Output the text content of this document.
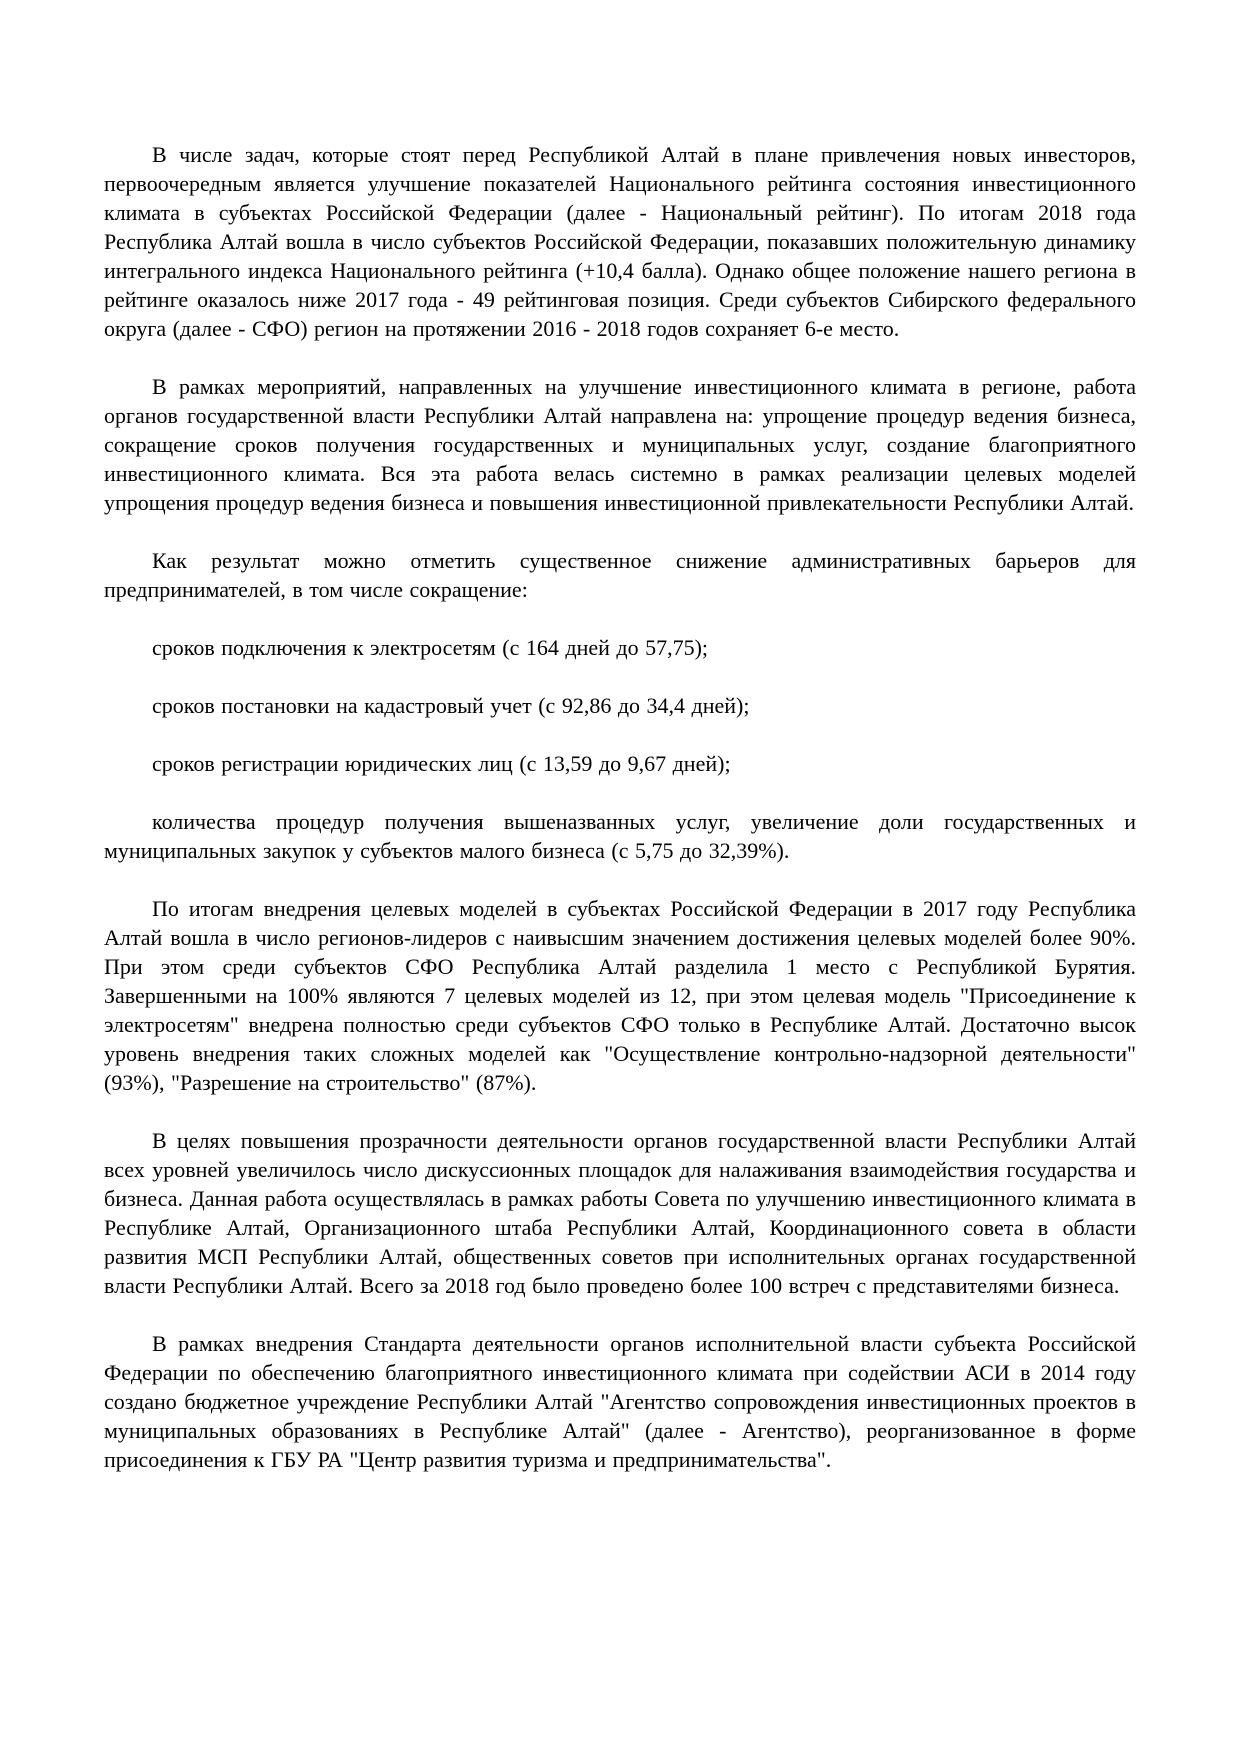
В числе задач, которые стоят перед Республикой Алтай в плане привлечения новых инвесторов, первоочередным является улучшение показателей Национального рейтинга состояния инвестиционного климата в субъектах Российской Федерации (далее - Национальный рейтинг). По итогам 2018 года Республика Алтай вошла в число субъектов Российской Федерации, показавших положительную динамику интегрального индекса Национального рейтинга (+10,4 балла). Однако общее положение нашего региона в рейтинге оказалось ниже 2017 года - 49 рейтинговая позиция. Среди субъектов Сибирского федерального округа (далее - СФО) регион на протяжении 2016 - 2018 годов сохраняет 6-е место.

В рамках мероприятий, направленных на улучшение инвестиционного климата в регионе, работа органов государственной власти Республики Алтай направлена на: упрощение процедур ведения бизнеса, сокращение сроков получения государственных и муниципальных услуг, создание благоприятного инвестиционного климата. Вся эта работа велась системно в рамках реализации целевых моделей упрощения процедур ведения бизнеса и повышения инвестиционной привлекательности Республики Алтай.

Как результат можно отметить существенное снижение административных барьеров для предпринимателей, в том числе сокращение:

сроков подключения к электросетям (с 164 дней до 57,75);

сроков постановки на кадастровый учет (с 92,86 до 34,4 дней);

сроков регистрации юридических лиц (с 13,59 до 9,67 дней);

количества процедур получения вышеназванных услуг, увеличение доли государственных и муниципальных закупок у субъектов малого бизнеса (с 5,75 до 32,39%).

По итогам внедрения целевых моделей в субъектах Российской Федерации в 2017 году Республика Алтай вошла в число регионов-лидеров с наивысшим значением достижения целевых моделей более 90%. При этом среди субъектов СФО Республика Алтай разделила 1 место с Республикой Бурятия. Завершенными на 100% являются 7 целевых моделей из 12, при этом целевая модель "Присоединение к электросетям" внедрена полностью среди субъектов СФО только в Республике Алтай. Достаточно высок уровень внедрения таких сложных моделей как "Осуществление контрольно-надзорной деятельности" (93%), "Разрешение на строительство" (87%).

В целях повышения прозрачности деятельности органов государственной власти Республики Алтай всех уровней увеличилось число дискуссионных площадок для налаживания взаимодействия государства и бизнеса. Данная работа осуществлялась в рамках работы Совета по улучшению инвестиционного климата в Республике Алтай, Организационного штаба Республики Алтай, Координационного совета в области развития МСП Республики Алтай, общественных советов при исполнительных органах государственной власти Республики Алтай. Всего за 2018 год было проведено более 100 встреч с представителями бизнеса.

В рамках внедрения Стандарта деятельности органов исполнительной власти субъекта Российской Федерации по обеспечению благоприятного инвестиционного климата при содействии АСИ в 2014 году создано бюджетное учреждение Республики Алтай "Агентство сопровождения инвестиционных проектов в муниципальных образованиях в Республике Алтай" (далее - Агентство), реорганизованное в форме присоединения к ГБУ РА "Центр развития туризма и предпринимательства".
